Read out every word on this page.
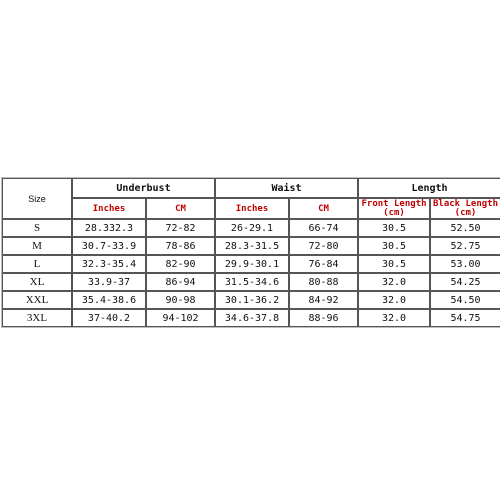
Size	Underbust		Waist		Length	
	Inches	CM	Inches	CM	Front Length (cm)	Black Length (cm)
S	28.332.3	72-82	26-29.1	66-74	30.5	52.50
M	30.7-33.9	78-86	28.3-31.5	72-80	30.5	52.75
L	32.3-35.4	82-90	29.9-30.1	76-84	30.5	53.00
XL	33.9-37	86-94	31.5-34.6	80-88	32.0	54.25
XXL	35.4-38.6	90-98	30.1-36.2	84-92	32.0	54.50
3XL	37-40.2	94-102	34.6-37.8	88-96	32.0	54.75
